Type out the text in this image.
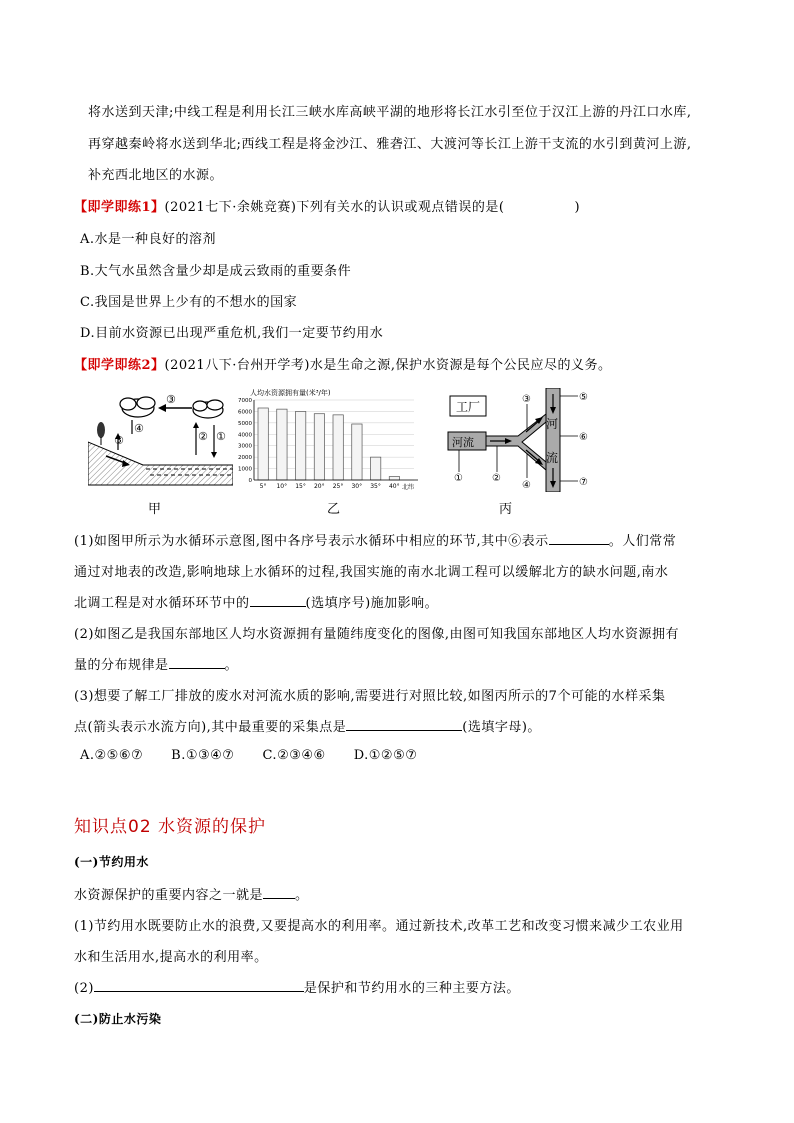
将水送到天津;中线工程是利用长江三峡水库高峡平湖的地形将长江水引至位于汉江上游的丹江口水库,
再穿越秦岭将水送到华北;西线工程是将金沙江、雅砻江、大渡河等长江上游干支流的水引到黄河上游,
补充西北地区的水源。
【即学即练1】(2021七下·余姚竞赛)下列有关水的认识或观点错误的是(	)
A.水是一种良好的溶剂
B.大气水虽然含量少却是成云致雨的重要条件
C.我国是世界上少有的不想水的国家
D.目前水资源已出现严重危机,我们一定要节约用水
【即学即练2】(2021八下·台州开学考)水是生命之源,保护水资源是每个公民应尽的义务。
③
④
⑤	② ①
甲
人均水资源拥有量(米³/年)
0
1000
2000
3000
4000
5000
6000
7000
5° 10° 15° 20° 25° 30° 35° 40° 北纬
乙
工厂
河流
河
流
③
④
①	②
⑤
⑥
⑦
丙
(1)如图甲所示为水循环示意图,图中各序号表示水循环中相应的环节,其中⑥表示	。人们常常
通过对地表的改造,影响地球上水循环的过程,我国实施的南水北调工程可以缓解北方的缺水问题,南水
北调工程是对水循环环节中的	(选填序号)施加影响。
(2)如图乙是我国东部地区人均水资源拥有量随纬度变化的图像,由图可知我国东部地区人均水资源拥有
量的分布规律是	。
(3)想要了解工厂排放的废水对河流水质的影响,需要进行对照比较,如图丙所示的7个可能的水样采集
点(箭头表示水流方向),其中最重要的采集点是	(选填字母)。
A.②⑤⑥⑦ B.①③④⑦ C.②③④⑥ D.①②⑤⑦
知识点02 水资源的保护
(一)节约用水
水资源保护的重要内容之一就是 。
(1)节约用水既要防止水的浪费,又要提高水的利用率。通过新技术,改革工艺和改变习惯来减少工农业用
水和生活用水,提高水的利用率。
(2)	是保护和节约用水的三种主要方法。
(二)防止水污染
